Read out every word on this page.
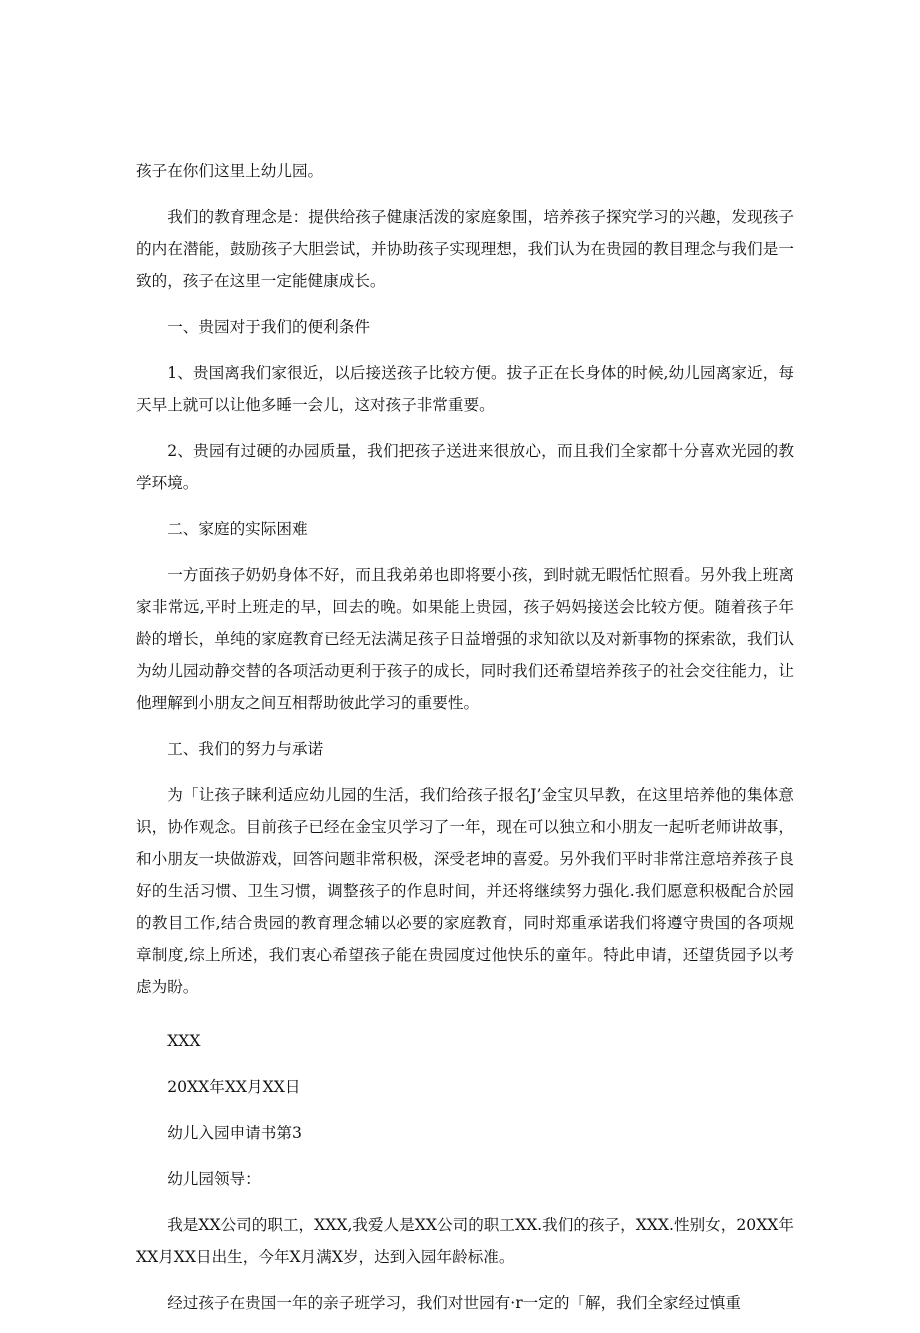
孩子在你们这里上幼儿园。

我们的教育理念是：提供给孩子健康活泼的家庭象围，培养孩子探究学习的兴趣，发现孩子的内在潜能，鼓励孩子大胆尝试，并协助孩子实现理想，我们认为在贵园的教目理念与我们是一致的，孩子在这里一定能健康成长。

一、贵园对于我们的便利条件

1、贵国离我们家很近，以后接送孩子比较方便。拔子正在长身体的时候,幼儿园离家近，每天早上就可以让他多睡一会儿，这对孩子非常重要。

2、贵园有过硬的办园质量，我们把孩子送进来很放心，而且我们全家都十分喜欢光园的教学环境。

二、家庭的实际困难

一方面孩子奶奶身体不好，而且我弟弟也即将要小孩，到时就无暇恬忙照看。另外我上班离家非常远,平时上班走的早，回去的晚。如果能上贵园，孩子妈妈接送会比较方便。随着孩子年龄的增长，单纯的家庭教育已经无法满足孩子日益增强的求知欲以及对新事物的探索欲，我们认为幼儿园动静交替的各项活动更利于孩子的成长，同时我们还希望培养孩子的社会交往能力，让他理解到小朋友之间互相帮助彼此学习的重要性。

工、我们的努力与承诺

为「让孩子睐利适应幼儿园的生活，我们给孩子报名J’金宝贝早教，在这里培养他的集体意识，协作观念。目前孩子已经在金宝贝学习了一年，现在可以独立和小朋友一起听老师讲故事，和小朋友一块做游戏，回答问题非常积极，深受老坤的喜爱。另外我们平时非常注意培养孩子良好的生活习惯、卫生习惯，调整孩子的作息时间，并还将继续努力强化.我们愿意积极配合於园的教目工作,结合贵园的教育理念辅以必要的家庭教育，同时郑重承诺我们将遵守贵国的各项规章制度,综上所述，我们衷心希望孩子能在贵园度过他快乐的童年。特此申请，还望货园予以考虑为盼。

XXX

20XX年XX月XX日

幼儿入园申请书第3

幼儿园领导：

我是XX公司的职工，XXX,我爱人是XX公司的职工XX.我们的孩子，XXX.性别女，20XX年XX月XX日出生，今年X月满X岁，达到入园年龄标准。

经过孩子在贵国一年的亲子班学习，我们对世园有·r一定的「解，我们全家经过慎重
